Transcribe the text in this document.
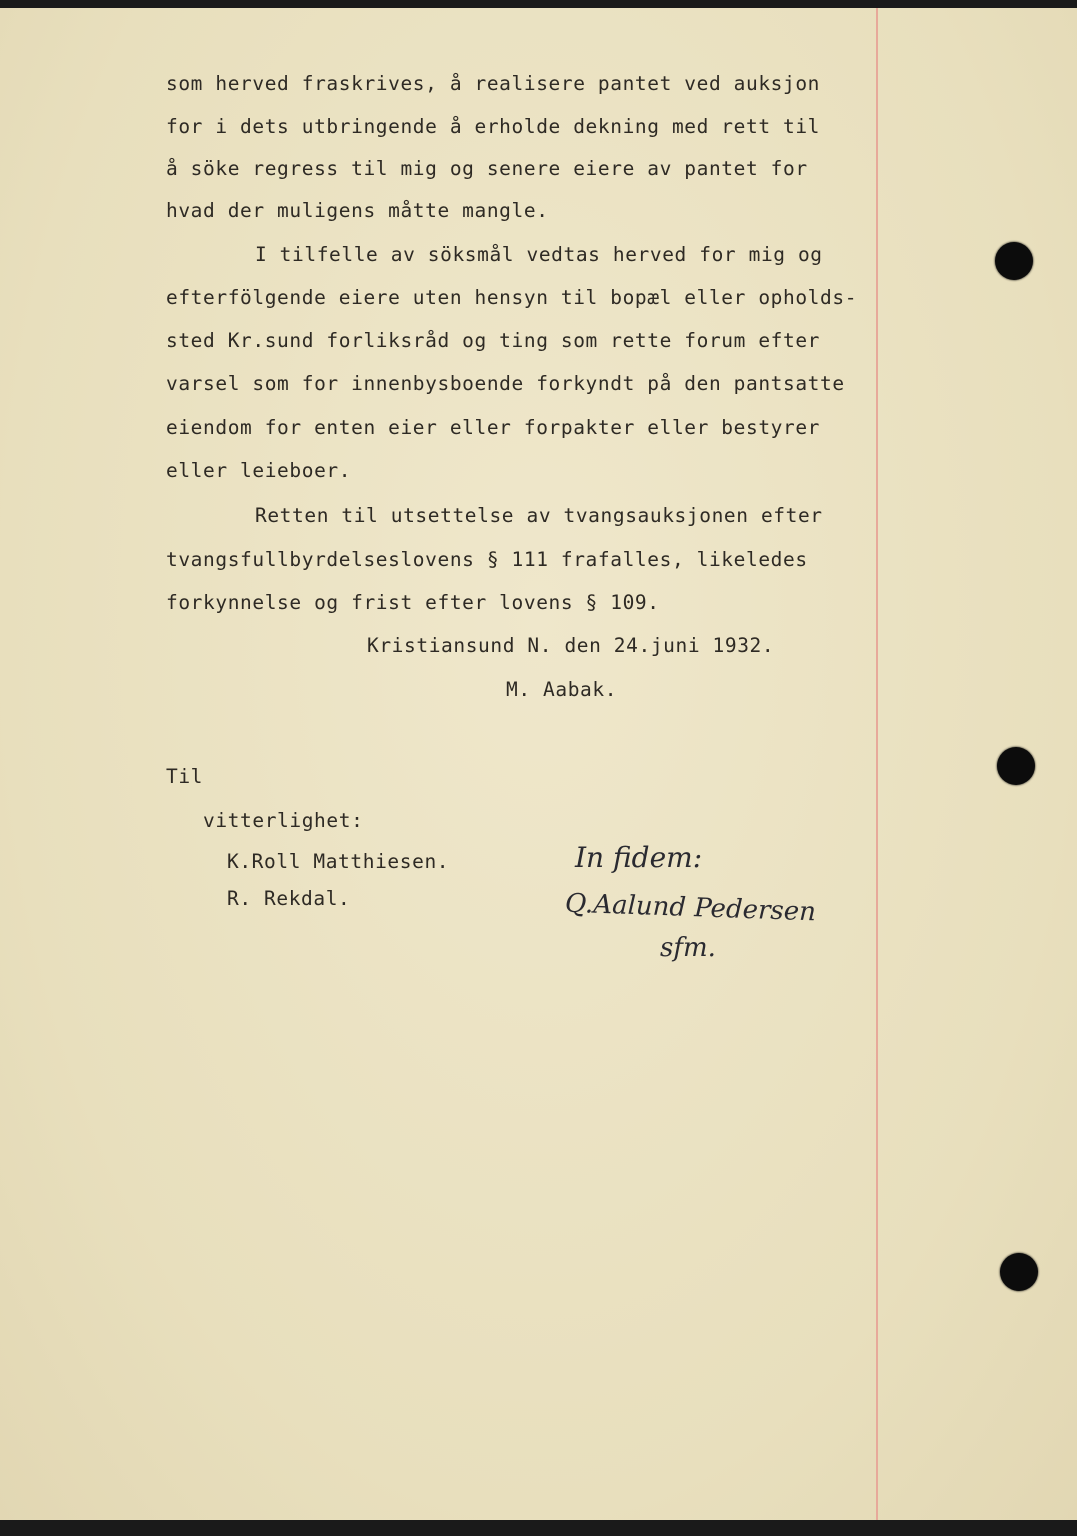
som herved fraskrives, å realisere pantet ved auksjon
for i dets utbringende å erholde dekning med rett til
å söke regress til mig og senere eiere av pantet for
hvad der muligens måtte mangle.
I tilfelle av söksmål vedtas herved for mig og
efterfölgende eiere uten hensyn til bopæl eller opholds-
sted Kr.sund forliksråd og ting som rette forum efter
varsel som for innenbysboende forkyndt på den pantsatte
eiendom for enten eier eller forpakter eller bestyrer
eller leieboer.
Retten til utsettelse av tvangsauksjonen efter
tvangsfullbyrdelseslovens § 111 frafalles, likeledes
forkynnelse og frist efter lovens § 109.
Kristiansund N. den 24.juni 1932.
M. Aabak.
Til
vitterlighet:
K.Roll Matthiesen.
R. Rekdal.
In fidem:
Q.Aalund Pedersen
sfm.
